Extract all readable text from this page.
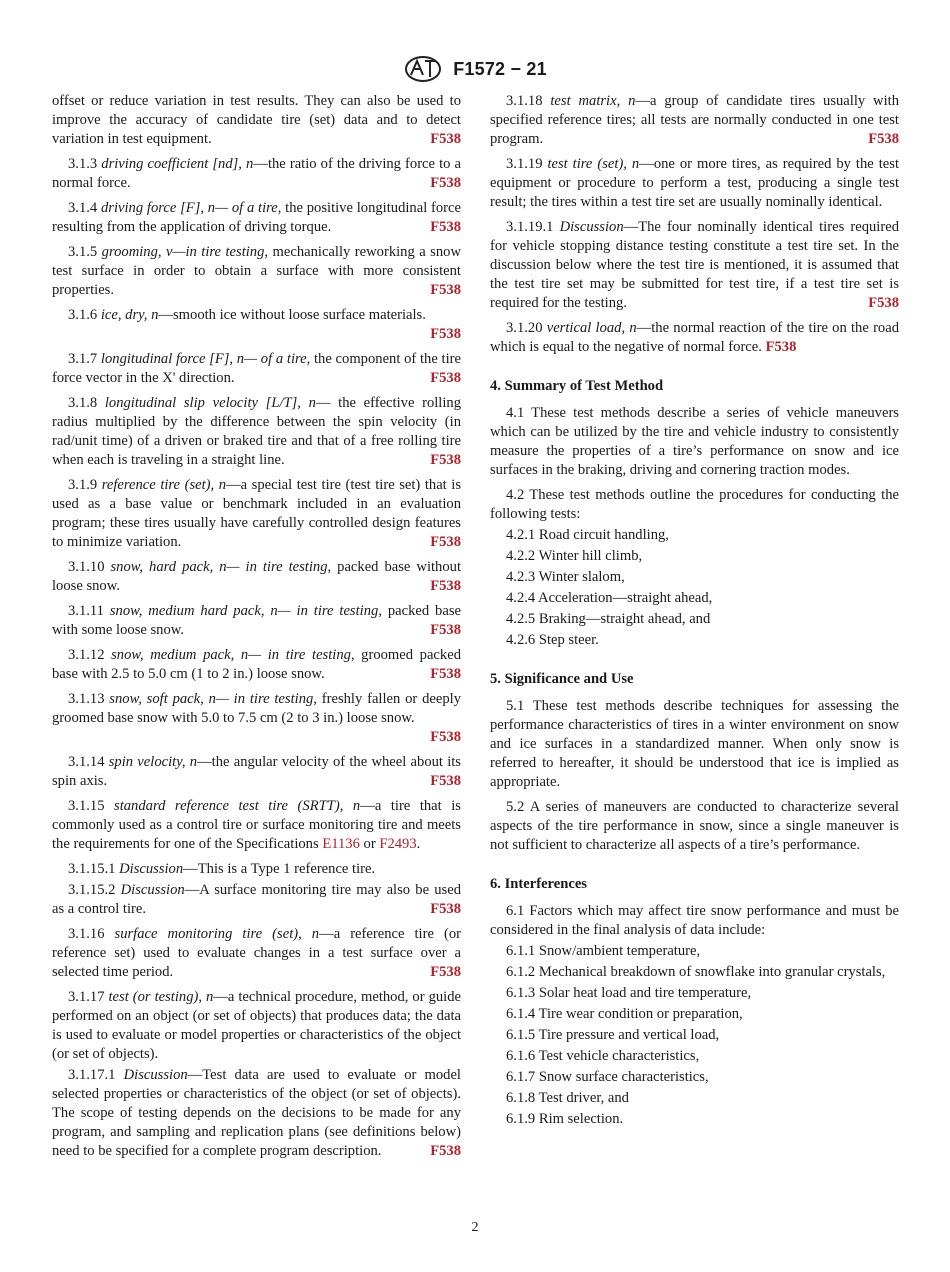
F1572 − 21

offset or reduce variation in test results. They can also be used to improve the accuracy of candidate tire (set) data and to detect variation in test equipment.	F538

3.1.3 driving coefficient [nd], n—the ratio of the driving force to a normal force.	F538

3.1.4 driving force [F], n— of a tire, the positive longitudinal force resulting from the application of driving torque.	F538

3.1.5 grooming, v—in tire testing, mechanically reworking a snow test surface in order to obtain a surface with more consistent properties.	F538

3.1.6 ice, dry, n—smooth ice without loose surface materials.
F538

3.1.7 longitudinal force [F], n— of a tire, the component of the tire force vector in the X' direction.	F538

3.1.8 longitudinal slip velocity [L/T], n— the effective rolling radius multiplied by the difference between the spin velocity (in rad/unit time) of a driven or braked tire and that of a free rolling tire when each is traveling in a straight line.	F538

3.1.9 reference tire (set), n—a special test tire (test tire set) that is used as a base value or benchmark included in an evaluation program; these tires usually have carefully controlled design features to minimize variation.	F538

3.1.10 snow, hard pack, n— in tire testing, packed base without loose snow.	F538

3.1.11 snow, medium hard pack, n— in tire testing, packed base with some loose snow.	F538

3.1.12 snow, medium pack, n— in tire testing, groomed packed base with 2.5 to 5.0 cm (1 to 2 in.) loose snow.	F538

3.1.13 snow, soft pack, n— in tire testing, freshly fallen or deeply groomed base snow with 5.0 to 7.5 cm (2 to 3 in.) loose snow.
F538

3.1.14 spin velocity, n—the angular velocity of the wheel about its spin axis.	F538

3.1.15 standard reference test tire (SRTT), n—a tire that is commonly used as a control tire or surface monitoring tire and meets the requirements for one of the Specifications E1136 or F2493.

3.1.15.1 Discussion—This is a Type 1 reference tire.

3.1.15.2 Discussion—A surface monitoring tire may also be used as a control tire.	F538

3.1.16 surface monitoring tire (set), n—a reference tire (or reference set) used to evaluate changes in a test surface over a selected time period.	F538

3.1.17 test (or testing), n—a technical procedure, method, or guide performed on an object (or set of objects) that produces data; the data is used to evaluate or model properties or characteristics of the object (or set of objects).

3.1.17.1 Discussion—Test data are used to evaluate or model selected properties or characteristics of the object (or set of objects). The scope of testing depends on the decisions to be made for any program, and sampling and replication plans (see definitions below) need to be specified for a complete program description.	F538

3.1.18 test matrix, n—a group of candidate tires usually with specified reference tires; all tests are normally conducted in one test program.	F538

3.1.19 test tire (set), n—one or more tires, as required by the test equipment or procedure to perform a test, producing a single test result; the tires within a test tire set are usually nominally identical.

3.1.19.1 Discussion—The four nominally identical tires required for vehicle stopping distance testing constitute a test tire set. In the discussion below where the test tire is mentioned, it is assumed that the test tire set may be submitted for test tire, if a test tire set is required for the testing.	F538

3.1.20 vertical load, n—the normal reaction of the tire on the road which is equal to the negative of normal force. F538

4. Summary of Test Method

4.1 These test methods describe a series of vehicle maneuvers which can be utilized by the tire and vehicle industry to consistently measure the properties of a tire’s performance on snow and ice surfaces in the braking, driving and cornering traction modes.

4.2 These test methods outline the procedures for conducting the following tests:

4.2.1 Road circuit handling,
4.2.2 Winter hill climb,
4.2.3 Winter slalom,
4.2.4 Acceleration—straight ahead,
4.2.5 Braking—straight ahead, and
4.2.6 Step steer.
5. Significance and Use

5.1 These test methods describe techniques for assessing the performance characteristics of tires in a winter environment on snow and ice surfaces in a standardized manner. When only snow is referred to hereafter, it should be understood that ice is implied as appropriate.

5.2 A series of maneuvers are conducted to characterize several aspects of the tire performance in snow, since a single maneuver is not sufficient to characterize all aspects of a tire’s performance.

6. Interferences

6.1 Factors which may affect tire snow performance and must be considered in the final analysis of data include:

6.1.1 Snow/ambient temperature,
6.1.2 Mechanical breakdown of snowflake into granular crystals,
6.1.3 Solar heat load and tire temperature,
6.1.4 Tire wear condition or preparation,
6.1.5 Tire pressure and vertical load,
6.1.6 Test vehicle characteristics,
6.1.7 Snow surface characteristics,
6.1.8 Test driver, and
6.1.9 Rim selection.
2
